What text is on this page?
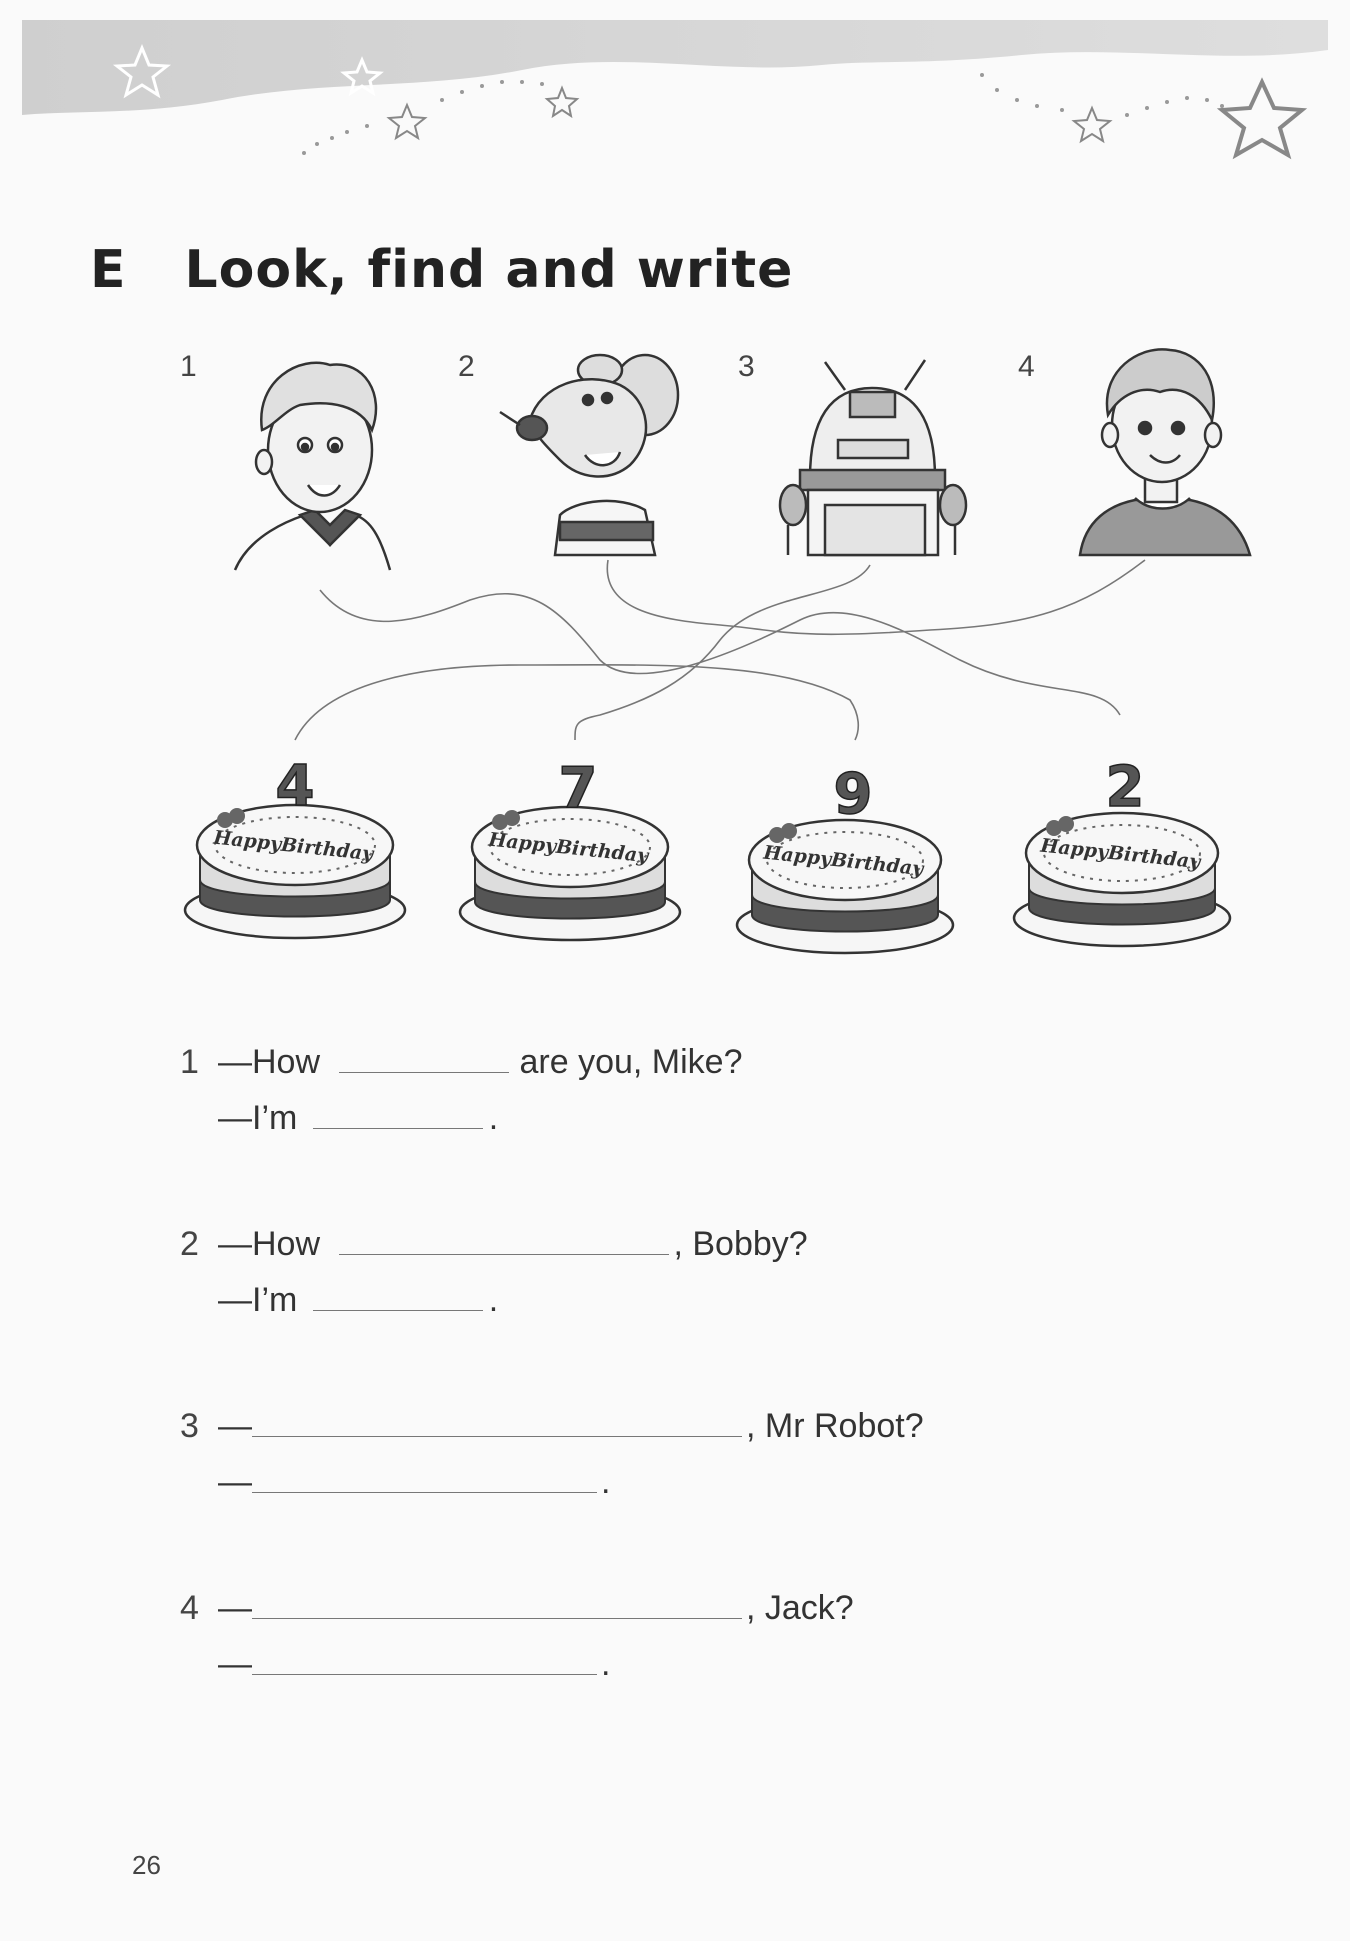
E Look, find and write
1	2	3	4
4
HappyBirthday
7
HappyBirthday
9
HappyBirthday
2
HappyBirthday
1 —How	are you, Mike?
—I’m	.
2 —How	, Bobby?
—I’m	.
3 —	, Mr Robot?
—	.
4 —	, Jack?
—	.
26
